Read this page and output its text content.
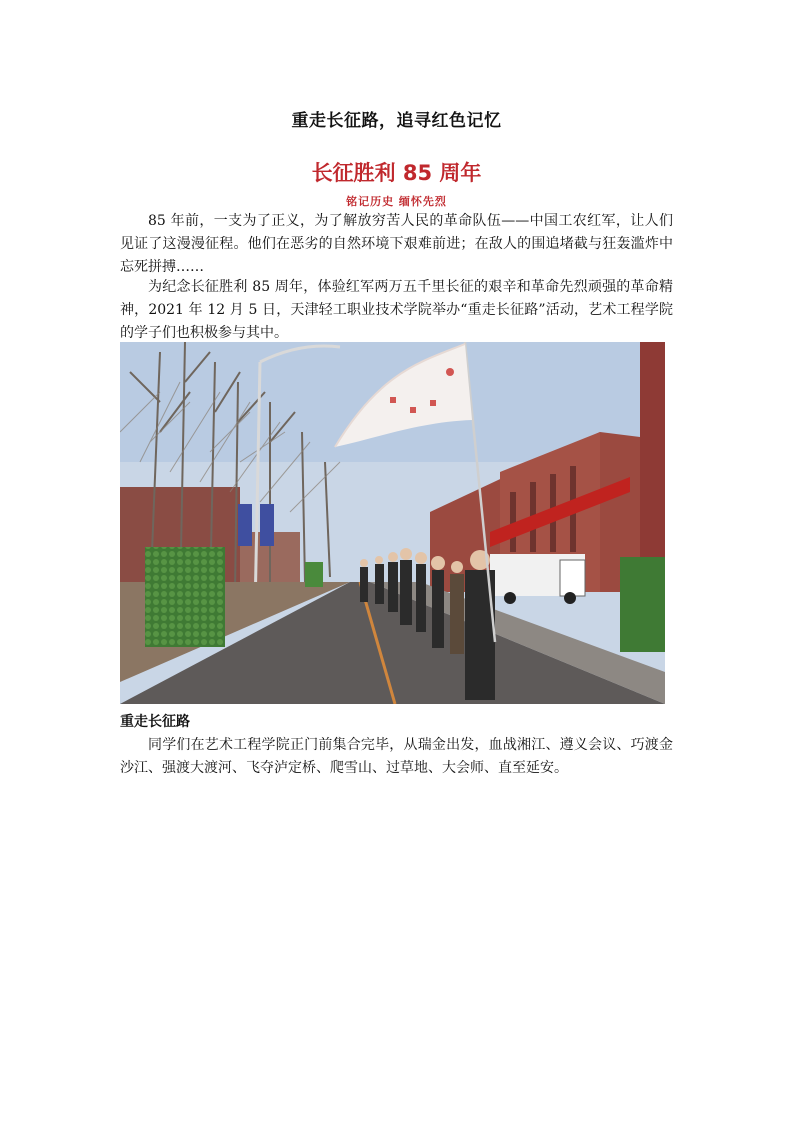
重走长征路，追寻红色记忆
长征胜利 85 周年
铭记历史 缅怀先烈

85 年前，一支为了正义，为了解放穷苦人民的革命队伍——中国工农红军，让人们见证了这漫漫征程。他们在恶劣的自然环境下艰难前进；在敌人的围追堵截与狂轰滥炸中忘死拼搏……

为纪念长征胜利 85 周年，体验红军两万五千里长征的艰辛和革命先烈顽强的革命精神，2021 年 12 月 5 日，天津轻工职业技术学院举办“重走长征路”活动，艺术工程学院的学子们也积极参与其中。

重走长征路

同学们在艺术工程学院正门前集合完毕，从瑞金出发，血战湘江、遵义会议、巧渡金沙江、强渡大渡河、飞夺泸定桥、爬雪山、过草地、大会师、直至延安。
